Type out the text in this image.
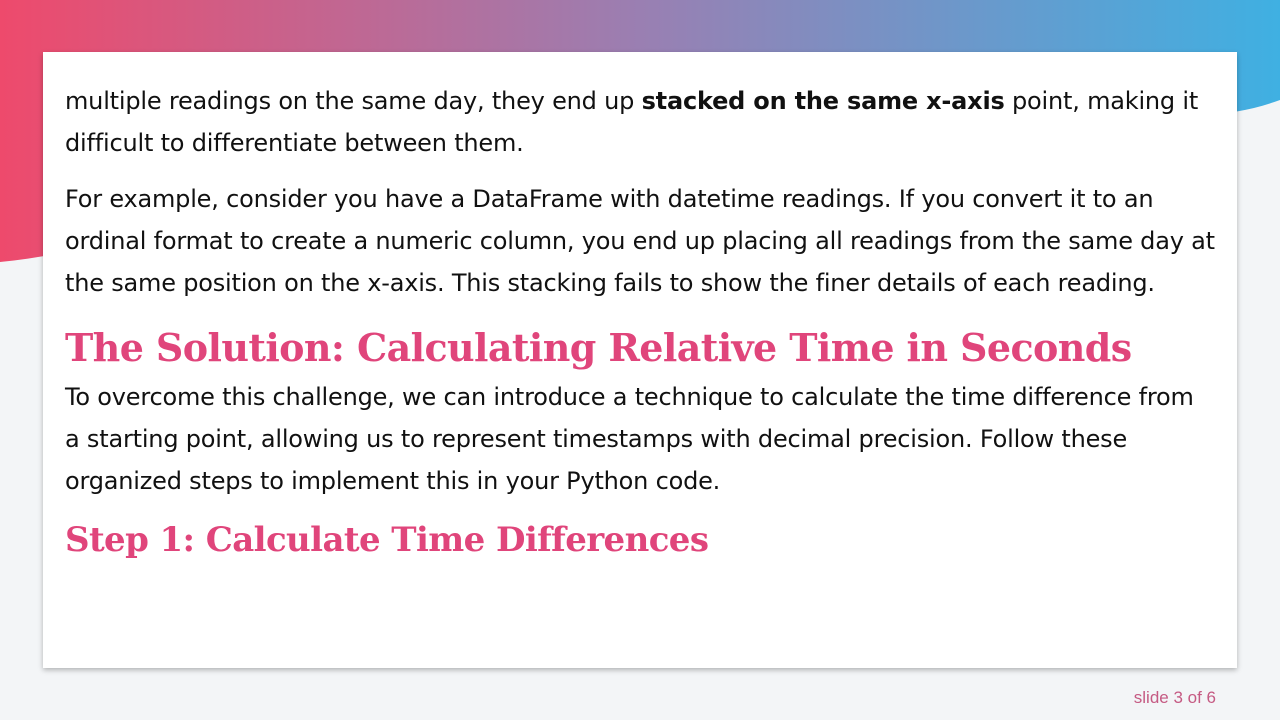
multiple readings on the same day, they end up stacked on the same x-axis point, making it difficult to differentiate between them.

For example, consider you have a DataFrame with datetime readings. If you convert it to an ordinal format to create a numeric column, you end up placing all readings from the same day at the same position on the x-axis. This stacking fails to show the finer details of each reading.

The Solution: Calculating Relative Time in Seconds

To overcome this challenge, we can introduce a technique to calculate the time difference from a starting point, allowing us to represent timestamps with decimal precision. Follow these organized steps to implement this in your Python code.

Step 1: Calculate Time Differences
slide 3 of 6
